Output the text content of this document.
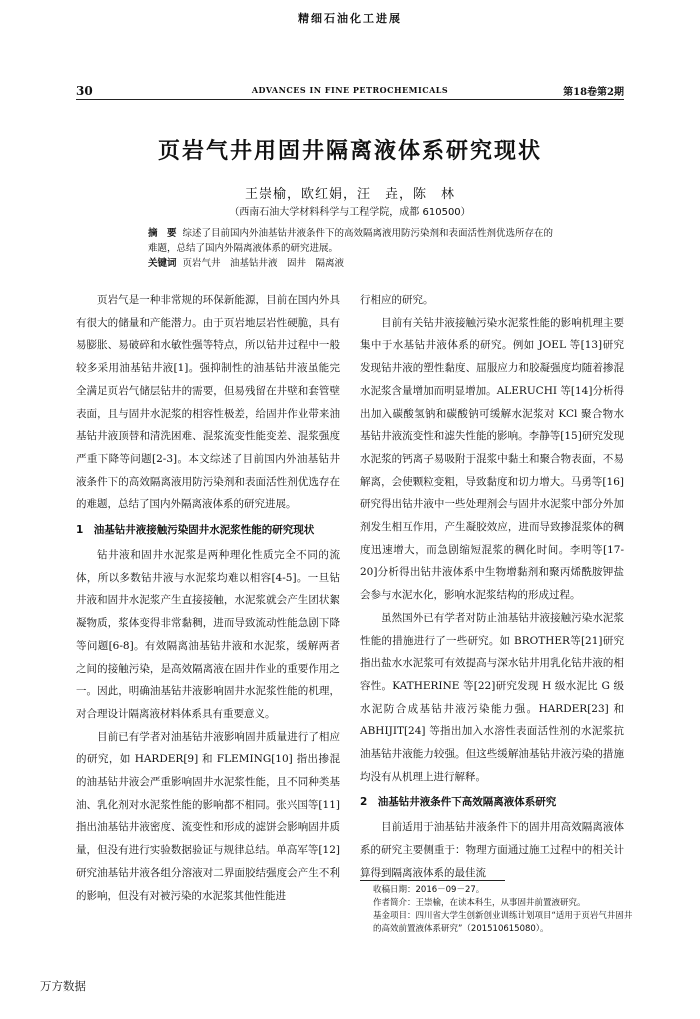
精细石油化工进展
30	ADVANCES IN FINE PETROCHEMICALS	第18卷第2期
页岩气井用固井隔离液体系研究现状
王崇榆，欧红娟，汪　垚，陈　林
（西南石油大学材料科学与工程学院，成都 610500）
摘　要 综述了目前国内外油基钻井液条件下的高效隔离液用防污染剂和表面活性剂优选所存在的难题，总结了国内外隔离液体系的研究进展。
关键词 页岩气井　油基钻井液　固井　隔离液

页岩气是一种非常规的环保新能源，目前在国内外具有很大的储量和产能潜力。由于页岩地层岩性硬脆，具有易膨胀、易破碎和水敏性强等特点，所以钻井过程中一般较多采用油基钻井液[1]。强抑制性的油基钻井液虽能完全满足页岩气储层钻井的需要，但易残留在井壁和套管壁表面，且与固井水泥浆的相容性极差，给固井作业带来油基钻井液顶替和清洗困难、混浆流变性能变差、混浆强度严重下降等问题[2-3]。本文综述了目前国内外油基钻井液条件下的高效隔离液用防污染剂和表面活性剂优选存在的难题，总结了国内外隔离液体系的研究进展。

1　油基钻井液接触污染固井水泥浆性能的研究现状

钻井液和固井水泥浆是两种理化性质完全不同的流体，所以多数钻井液与水泥浆均难以相容[4-5]。一旦钻井液和固井水泥浆产生直接接触，水泥浆就会产生团状絮凝物质，浆体变得非常黏稠，进而导致流动性能急剧下降等问题[6-8]。有效隔离油基钻井液和水泥浆，缓解两者之间的接触污染，是高效隔离液在固井作业的重要作用之一。因此，明确油基钻井液影响固井水泥浆性能的机理，对合理设计隔离液材料体系具有重要意义。

目前已有学者对油基钻井液影响固井质量进行了相应的研究，如 HARDER[9] 和 FLEMING[10] 指出掺混的油基钻井液会严重影响固井水泥浆性能，且不同种类基油、乳化剂对水泥浆性能的影响都不相同。张兴国等[11]指出油基钻井液密度、流变性和形成的滤饼会影响固井质量，但没有进行实验数据验证与规律总结。单高军等[12]研究油基钻井液各组分溶液对二界面胶结强度会产生不利的影响，但没有对被污染的水泥浆其他性能进

行相应的研究。

目前有关钻井液接触污染水泥浆性能的影响机理主要集中于水基钻井液体系的研究。例如 JOEL 等[13]研究发现钻井液的塑性黏度、屈服应力和胶凝强度均随着掺混水泥浆含量增加而明显增加。ALERUCHI 等[14]分析得出加入碳酸氢钠和碳酸钠可缓解水泥浆对 KCl 聚合物水基钻井液流变性和滤失性能的影响。李静等[15]研究发现水泥浆的钙离子易吸附于混浆中黏土和聚合物表面，不易解离，会使颗粒变粗，导致黏度和切力增大。马勇等[16]研究得出钻井液中一些处理剂会与固井水泥浆中部分外加剂发生相互作用，产生凝胶效应，进而导致掺混浆体的稠度迅速增大，而急剧缩短混浆的稠化时间。李明等[17-20]分析得出钻井液体系中生物增黏剂和聚丙烯酰胺钾盐会参与水泥水化，影响水泥浆结构的形成过程。

虽然国外已有学者对防止油基钻井液接触污染水泥浆性能的措施进行了一些研究。如 BROTHER等[21]研究指出盐水水泥浆可有效提高与深水钻井用乳化钻井液的相容性。KATHERINE 等[22]研究发现 H 级水泥比 G 级水泥防合成基钻井液污染能力强。HARDER[23] 和 ABHIJIT[24] 等指出加入水溶性表面活性剂的水泥浆抗油基钻井液能力较强。但这些缓解油基钻井液污染的措施均没有从机理上进行解释。

2　油基钻井液条件下高效隔离液体系研究

目前适用于油基钻井液条件下的固井用高效隔离液体系的研究主要侧重于：物理方面通过施工过程中的相关计算得到隔离液体系的最佳流

收稿日期：2016－09－27。
作者简介：王崇榆，在读本科生，从事固井前置液研究。
基金项目：四川省大学生创新创业训练计划项目“适用于页岩气井固井的高效前置液体系研究”（201510615080）。
万方数据
